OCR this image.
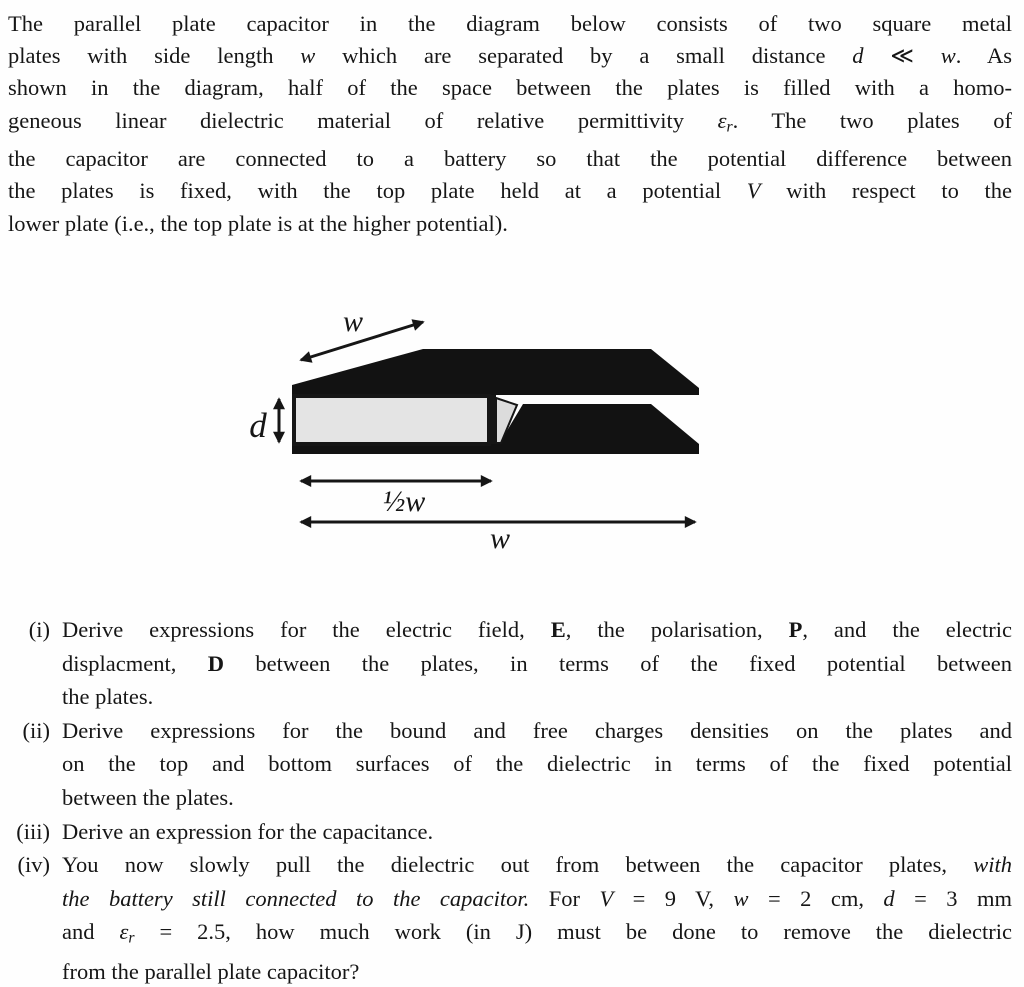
The parallel plate capacitor in the diagram below consists of two square metal
plates with side length w which are separated by a small distance d ≪ w. As
shown in the diagram, half of the space between the plates is filled with a homo-
geneous linear dielectric material of relative permittivity εr. The two plates of
the capacitor are connected to a battery so that the potential difference between
the plates is fixed, with the top plate held at a potential V with respect to the
lower plate (i.e., the top plate is at the higher potential).
w
d
½w
w
(i) Derive expressions for the electric field, E, the polarisation, P, and the electric
displacment, D between the plates, in terms of the fixed potential between
the plates.
(ii) Derive expressions for the bound and free charges densities on the plates and
on the top and bottom surfaces of the dielectric in terms of the fixed potential
between the plates.
(iii) Derive an expression for the capacitance.
(iv) You now slowly pull the dielectric out from between the capacitor plates, with
the battery still connected to the capacitor. For V = 9 V, w = 2 cm, d = 3 mm
and εr = 2.5, how much work (in J) must be done to remove the dielectric
from the parallel plate capacitor?
